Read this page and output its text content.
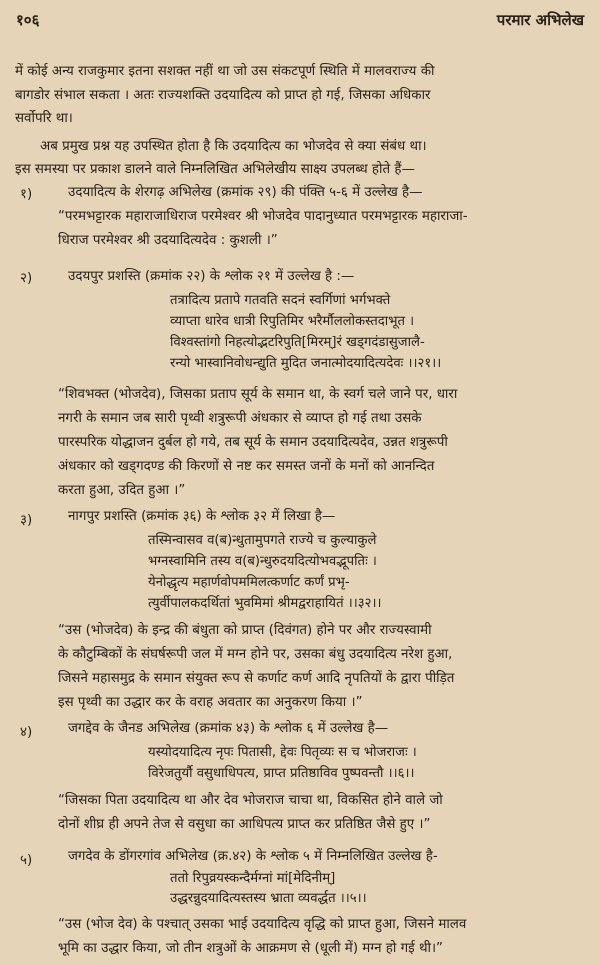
१०६	परमार अभिलेख
में कोई अन्य राजकुमार इतना सशक्त नहीं था जो उस संकटपूर्ण स्थिति में मालवराज्य की
बागडोर संभाल सकता । अतः राज्यशक्ति उदयादित्य को प्राप्त हो गई, जिसका अधिकार
सर्वोपरि था।
अब प्रमुख प्रश्न यह उपस्थित होता है कि उदयादित्य का भोजदेव से क्या संबंध था।
इस समस्या पर प्रकाश डालने वाले निम्नलिखित अभिलेखीय साक्ष्य उपलब्ध होते हैं—
१)	उदयादित्य के शेरगढ़ अभिलेख (क्रमांक २९) की पंक्ति ५-६ में उल्लेख है—
“परमभट्टारक महाराजाधिराज परमेश्वर श्री भोजदेव पादानुध्यात परमभट्टारक महाराजा-
धिराज परमेश्वर श्री उदयादित्यदेव : कुशली ।”
२)	उदयपुर प्रशस्ति (क्रमांक २२) के श्लोक २१ में उल्लेख है :—
तत्रादित्य प्रतापे गतवति सदनं स्वर्गिणां भर्गभक्ते
व्याप्ता धारेव धात्री रिपुतिमिर भरैर्मौललोकस्तदाभूत ।
विश्वस्तांगो निहत्योद्भटरिपुति[मिरम्]रं खड्गदंडासुजालै-
रन्यो भास्वानिवोधन्द्युति मुदित जनात्मोदयादित्यदेवः ।।२१।।
“शिवभक्त (भोजदेव), जिसका प्रताप सूर्य के समान था, के स्वर्ग चले जाने पर, धारा
नगरी के समान जब सारी पृथ्वी शत्रुरूपी अंधकार से व्याप्त हो गई तथा उसके
पारस्परिक योद्धाजन दुर्बल हो गये, तब सूर्य के समान उदयादित्यदेव, उन्नत शत्रुरूपी
अंधकार को खड्गदण्ड की किरणों से नष्ट कर समस्त जनों के मनों को आनन्दित
करता हुआ, उदित हुआ ।”
३)	नागपुर प्रशस्ति (क्रमांक ३६) के श्लोक ३२ में लिखा है—
तस्मिन्वासव व(ब)न्धुतामुपगते राज्ये च कुल्याकुले
भग्नस्वामिनि तस्य व(ब)न्धुरुदयदित्योभवद्भूपतिः ।
येनोद्धृत्य महार्णवोपममिलत्कर्णाट कर्णं प्रभृ-
त्युर्वीपालकदर्थितां भुवमिमां श्रीमद्वराहायितं ।।३२।।
“उस (भोजदेव) के इन्द्र की बंधुता को प्राप्त (दिवंगत) होने पर और राज्यस्वामी
के कौटुम्बिकों के संघर्षरूपी जल में मग्न होने पर, उसका बंधु उदयादित्य नरेश हुआ,
जिसने महासमुद्र के समान संयुक्त रूप से कर्णाट कर्ण आदि नृपतियों के द्वारा पीड़ित
इस पृथ्वी का उद्धार कर के वराह अवतार का अनुकरण किया ।”
४)	जगद्देव के जैनड अभिलेख (क्रमांक ४३) के श्लोक ६ में उल्लेख है—
यस्योदयादित्य नृपः पितासी, द्देवः पितृव्यः स च भोजराजः ।
विरेजतुर्यौ वसुधाधिपत्य, प्राप्त प्रतिष्ठाविव पुष्पवन्तौ ।।६।।
“जिसका पिता उदयादित्य था और देव भोजराज चाचा था, विकसित होने वाले जो
दोनों शीघ्र ही अपने तेज से वसुधा का आधिपत्य प्राप्त कर प्रतिष्ठित जैसे हुए ।”
५)	जगदेव के डोंगरगांव अभिलेख (क्र.४२) के श्लोक ५ में निम्नलिखित उल्लेख है-
ततो रिपुव्रयस्कन्दैर्मग्नां मां[मेदिनीम्]
उद्धरन्नुदयादित्यस्तस्य भ्राता व्यवर्द्धत ।।५।।
“उस (भोज देव) के पश्चात् उसका भाई उदयादित्य वृद्धि को प्राप्त हुआ, जिसने मालव
भूमि का उद्धार किया, जो तीन शत्रुओं के आक्रमण से (धूली में) मग्न हो गई थी।”
